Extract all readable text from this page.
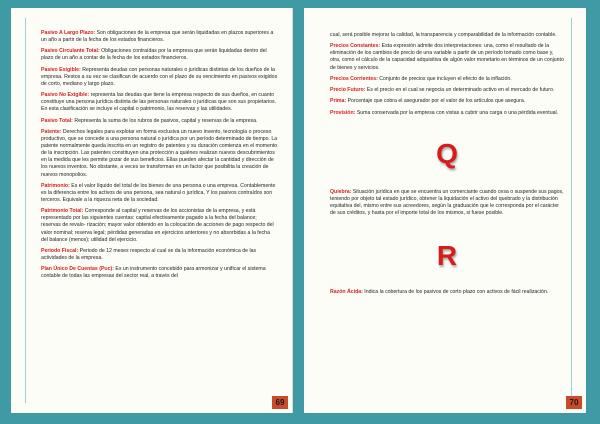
Pasivo A Largo Plazo: Son obligaciones de la empresa que serán liquidadas en plazos superiores a un año a partir de la fecha de los estados financieros.

Pasivo Circulante Total: Obligaciones contraídas por la empresa que serán liquidadas dentro del plazo de un año a contar de la fecha de los estados financieros.

Pasivo Exigible: Representa deudas con personas naturales o jurídicas distintas de los dueños de la empresa. Restos a su vez se clasifican de acuerdo con el plazo de su vencimiento en pasivos exigidos de corto, mediano y largo plazo.

Pasivo No Exigible: representa las deudas que tiene la empresa respecto de sus dueños, en cuanto constituye una persona jurídica distinta de las personas naturales o jurídicas que son sus propietarios. En esta clasificación se incluye el capital o patrimonio, las reservas y las utilidades.

Pasivo Total: Representa la suma de los rubros de pasivos, capital y reservas de la empresa.

Patente: Derechos legales para explotar en forma exclusiva un nuevo invento, tecnología o proceso productivo, que se concede a una persona natural o jurídica por un período determinado de tiempo. La patente normalmente queda inscrita en un registro de patentes y su duración comienza en el momento de la inscripción. Las patentes constituyen una protección a quiénes realizan nuevos descubrimientos en la medida que les permite gozar de sus beneficios. Ellas pueden afectar la cantidad y dirección de los nuevos inventos. No obstante, a veces se transforman en un factor que posibilita la creación de nuevos monopolios.

Patrimonio: Es el valor líquido del total de los bienes de una persona o una empresa. Contablemente es la diferencia entre los activos de una persona, sea natural o jurídica, Y los pasivos contraídos son terceros. Equivale a la riqueza neta de la sociedad.

Patrimonio Total: Corresponde al capital y reservas de los accionistas de la empresa, y está representado por las siguientes cuentas: capital efectivamente pagado a la fecha del balance; reservas de revalo- rización; mayor valor obtenido en la colocación de acciones de pago respecto del valor nominal; reserva legal; pérdidas generadas en ejercicios anteriores y no absorbidas a la fecha del balance (menos); utilidad del ejercicio.

Periodo Fiscal: Periodo de 12 meses respecto al cual se da la información económica de las actividades de la empresa.

Plan Único De Cuentas (Puc): Es un instrumento concebido para armonizar y unificar el sistema contable de todas las empresas del sector real, a través del

69

cual, será posible mejorar la calidad, la transparencia y comparabilidad de la información contable.

Precios Constantes: Esta expresión admite dos interpretaciones: una, como el resultado de la eliminación de los cambios de precio de una variable a partir de un período tomado como base y, otra, como el cálculo de la capacidad adquisitiva de algún valor monetario en términos de un conjunto de bienes y servicios.

Precios Corrientes: Conjunto de precios que incluyen el efecto de la inflación.

Precio Futuro: Es el precio en el cual se negocia un determinado activo en el mercado de futuro.

Prima: Porcentaje que cobra el asegurador por el valor de los artículos que asegura.

Provisión: Suma conservada por la empresa con vistas a cubrir una carga o una pérdida eventual.

Q

Quiebra: Situación jurídica en que se encuentra un comerciante cuando cesa o suspende sus pagos, teniendo por objeto tal estado jurídico, obtener la liquidación el activo del quebrado y la distribución equitativa del, mismo entre sus acreedores, según la graduación que le corresponda por el carácter de sus créditos, y hasta por el importe total de los mismos, si fuese posible.

R

Razón Ácida: Indica la cobertura de los pasivos de corto plazo con activos de fácil realización.

70
